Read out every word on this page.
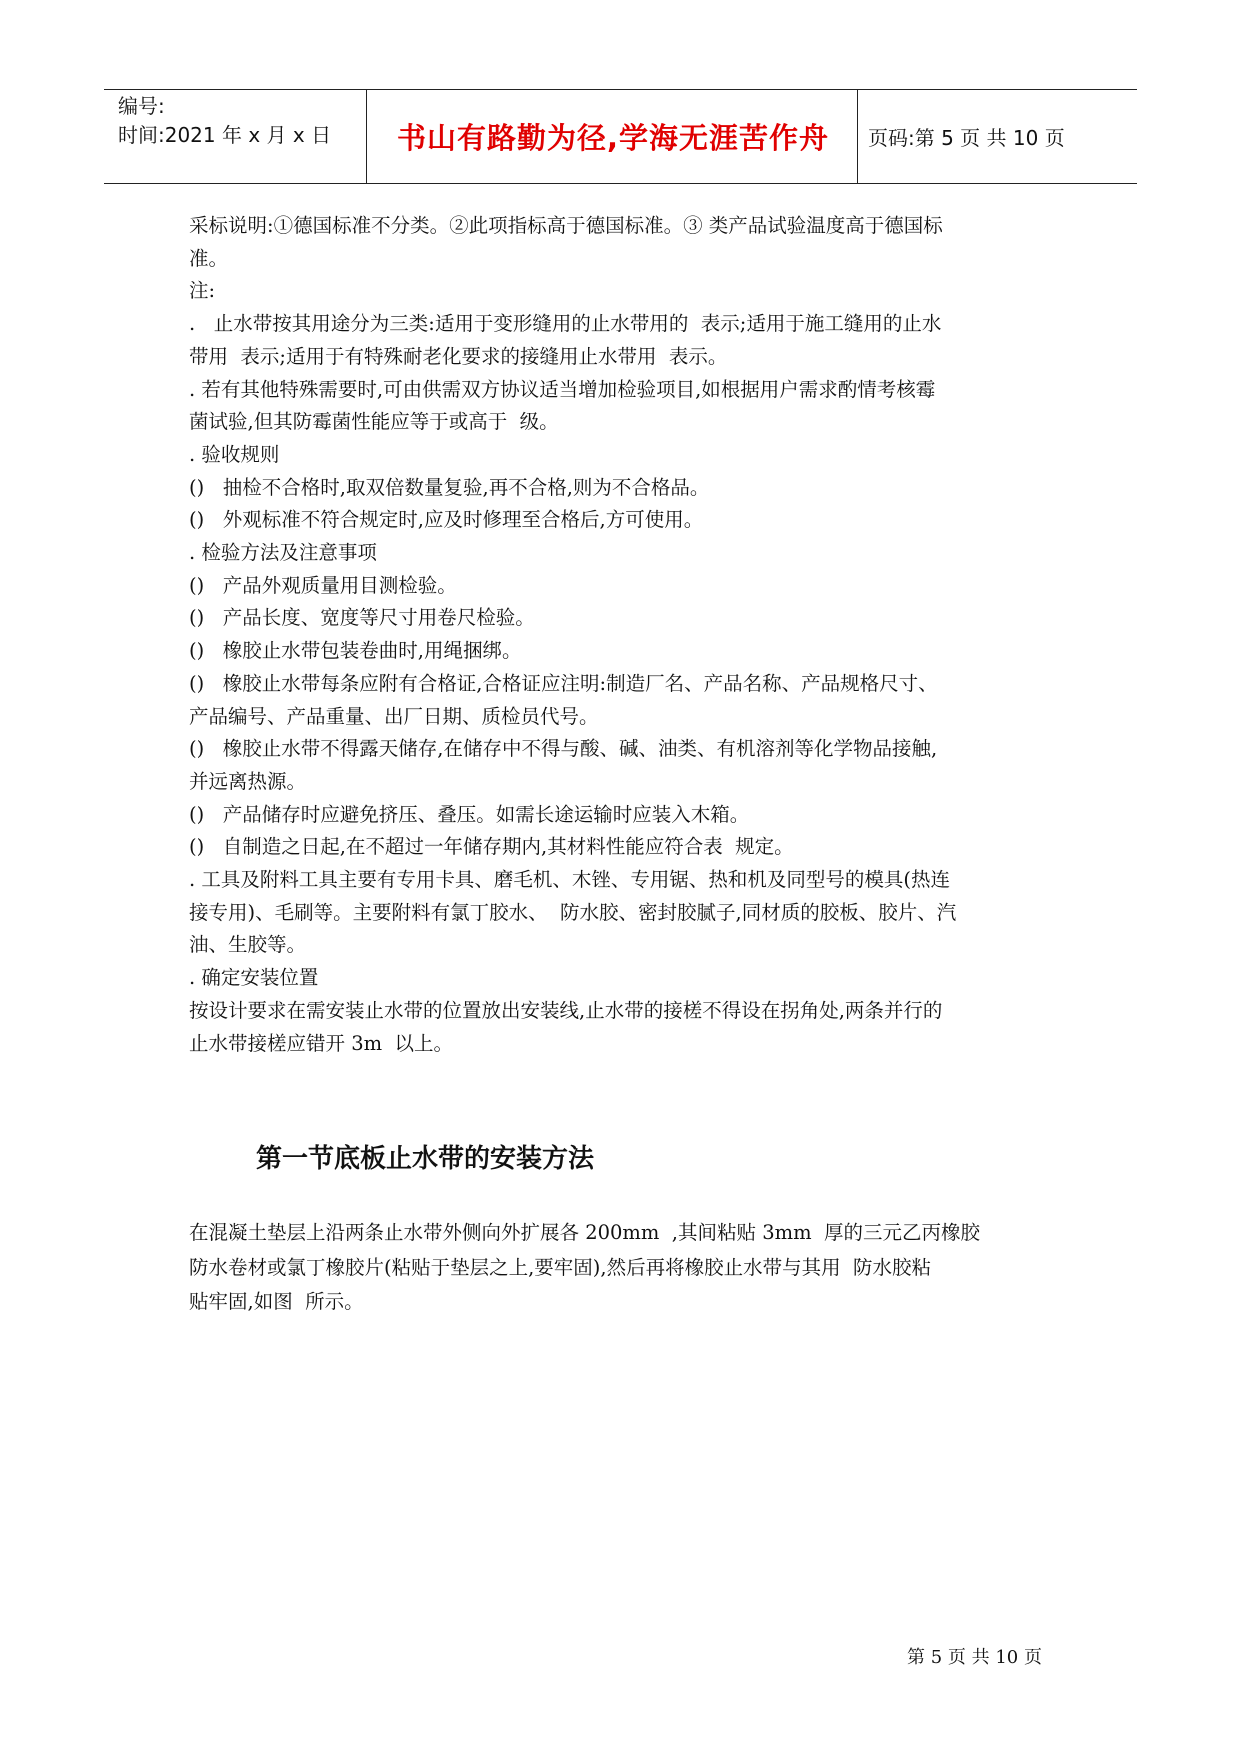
编号:
时间:2021 年 x 月 x 日	书山有路勤为径,学海无涯苦作舟	页码:第 5 页 共 10 页

采标说明:①德国标准不分类。②此项指标高于德国标准。③ 类产品试验温度高于德国标

准。

注:

.   止水带按其用途分为三类:适用于变形缝用的止水带用的  表示;适用于施工缝用的止水

带用  表示;适用于有特殊耐老化要求的接缝用止水带用  表示。

. 若有其他特殊需要时,可由供需双方协议适当增加检验项目,如根据用户需求酌情考核霉

菌试验,但其防霉菌性能应等于或高于  级。

. 验收规则

()   抽检不合格时,取双倍数量复验,再不合格,则为不合格品。

()   外观标准不符合规定时,应及时修理至合格后,方可使用。

. 检验方法及注意事项

()   产品外观质量用目测检验。

()   产品长度、宽度等尺寸用卷尺检验。

()   橡胶止水带包装卷曲时,用绳捆绑。

()   橡胶止水带每条应附有合格证,合格证应注明:制造厂名、产品名称、产品规格尺寸、

产品编号、产品重量、出厂日期、质检员代号。

()   橡胶止水带不得露天储存,在储存中不得与酸、碱、油类、有机溶剂等化学物品接触,

并远离热源。

()   产品储存时应避免挤压、叠压。如需长途运输时应装入木箱。

()   自制造之日起,在不超过一年储存期内,其材料性能应符合表  规定。

. 工具及附料工具主要有专用卡具、磨毛机、木锉、专用锯、热和机及同型号的模具(热连

接专用)、毛刷等。主要附料有氯丁胶水、  防水胶、密封胶腻子,同材质的胶板、胶片、汽

油、生胶等。

. 确定安装位置

按设计要求在需安装止水带的位置放出安装线,止水带的接槎不得设在拐角处,两条并行的

止水带接槎应错开 3m  以上。

第一节底板止水带的安装方法

在混凝土垫层上沿两条止水带外侧向外扩展各 200mm  ,其间粘贴 3mm  厚的三元乙丙橡胶

防水卷材或氯丁橡胶片(粘贴于垫层之上,要牢固),然后再将橡胶止水带与其用  防水胶粘

贴牢固,如图  所示。

第 5 页 共 10 页
